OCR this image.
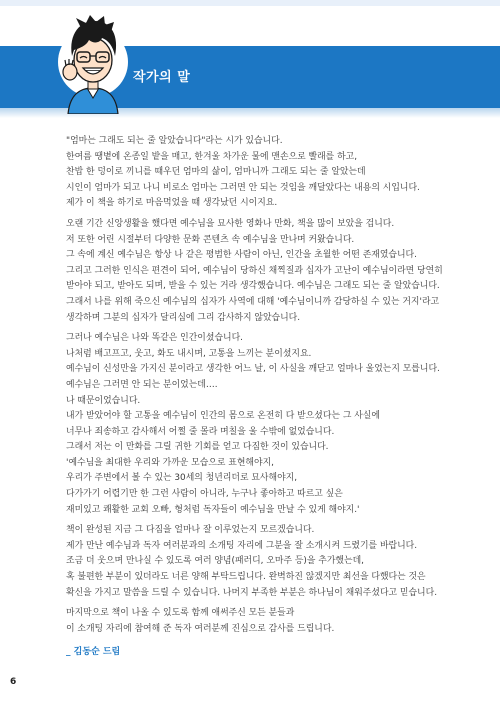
작가의 말
"엄마는 그래도 되는 줄 알았습니다"라는 시가 있습니다.
한여름 땡볕에 온종일 밭을 매고, 한겨울 차가운 물에 맨손으로 빨래를 하고,
찬밥 한 덩이로 끼니를 때우던 엄마의 삶이, 엄마니까 그래도 되는 줄 알았는데
시인이 엄마가 되고 나니 비로소 엄마는 그러면 안 되는 것임을 깨달았다는 내용의 시입니다.
제가 이 책을 하기로 마음먹었을 때 생각났던 시이지요.
오랜 기간 신앙생활을 했다면 예수님을 묘사한 영화나 만화, 책을 많이 보았을 겁니다.
저 또한 어린 시절부터 다양한 문화 콘텐츠 속 예수님을 만나며 커왔습니다.
그 속에 계신 예수님은 항상 나 같은 평범한 사람이 아닌, 인간을 초월한 어떤 존재였습니다.
그리고 그러한 인식은 편견이 되어, 예수님이 당하신 채찍질과 십자가 고난이 예수님이라면 당연히
받아야 되고, 받아도 되며, 받을 수 있는 거라 생각했습니다. 예수님은 그래도 되는 줄 알았습니다.
그래서 나를 위해 죽으신 예수님의 십자가 사역에 대해 '예수님이니까 감당하실 수 있는 거지'라고
생각하며 그분의 십자가 달리심에 그리 감사하지 않았습니다.
그러나 예수님은 나와 똑같은 인간이셨습니다.
나처럼 배고프고, 웃고, 화도 내시며, 고통을 느끼는 분이셨지요.
예수님이 신성만을 가지신 분이라고 생각한 어느 날, 이 사실을 깨닫고 얼마나 울었는지 모릅니다.
예수님은 그러면 안 되는 분이었는데….
나 때문이었습니다.
내가 받았어야 할 고통을 예수님이 인간의 몸으로 온전히 다 받으셨다는 그 사실에
너무나 죄송하고 감사해서 어쩔 줄 몰라 며칠을 울 수밖에 없었습니다.
그래서 저는 이 만화를 그릴 귀한 기회를 얻고 다짐한 것이 있습니다.
'예수님을 최대한 우리와 가까운 모습으로 표현해야지,
우리가 주변에서 볼 수 있는 30세의 청년리더로 묘사해야지,
다가가기 어렵기만 한 그런 사람이 아니라, 누구나 좋아하고 따르고 싶은
재미있고 쾌활한 교회 오빠, 형처럼 독자들이 예수님을 만날 수 있게 해야지.'
책이 완성된 지금 그 다짐을 얼마나 잘 이루었는지 모르겠습니다.
제가 만난 예수님과 독자 여러분과의 소개팅 자리에 그분을 잘 소개시켜 드렸기를 바랍니다.
조금 더 웃으며 만나실 수 있도록 여러 양념(패러디, 오마주 등)을 추가했는데,
혹 불편한 부분이 있더라도 너른 양해 부탁드립니다. 완벽하진 않겠지만 최선을 다했다는 것은
확신을 가지고 말씀을 드릴 수 있습니다. 나머지 부족한 부분은 하나님이 채워주셨다고 믿습니다.
마지막으로 책이 나올 수 있도록 함께 애써주신 모든 분들과
이 소개팅 자리에 참여해 준 독자 여러분께 진심으로 감사를 드립니다.
_ 김동순 드림
6
